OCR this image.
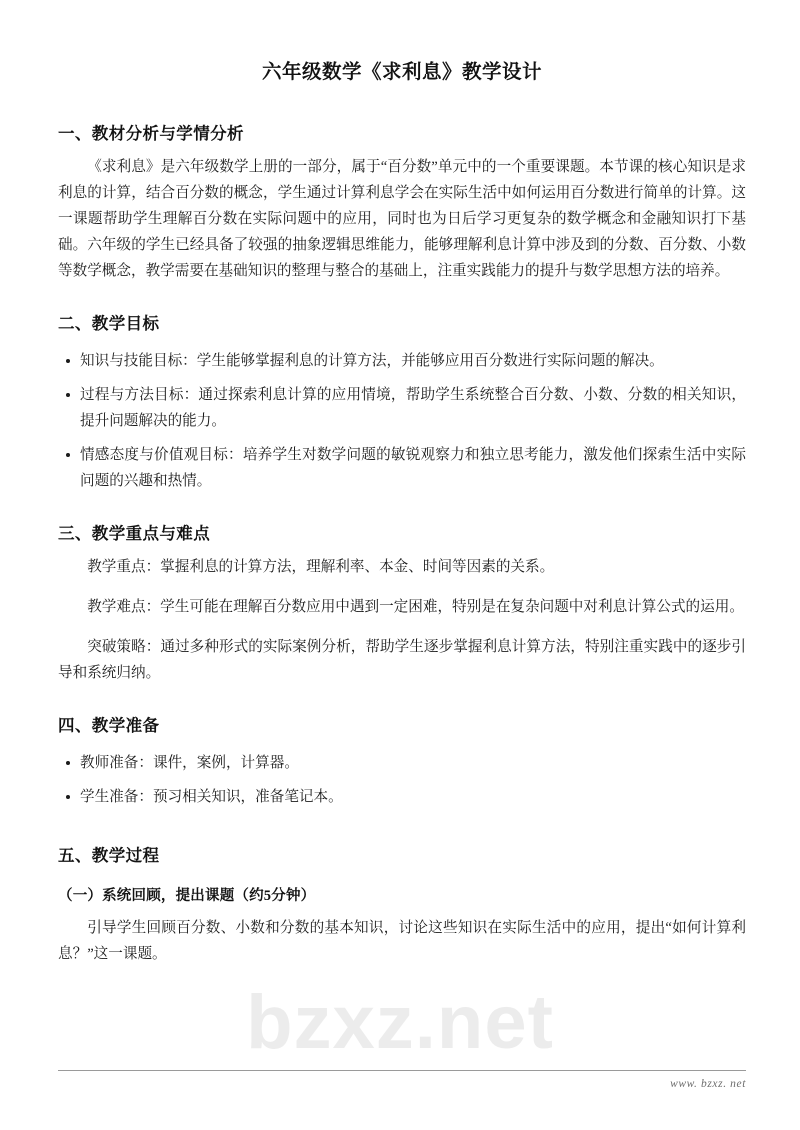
bzxz.net
六年级数学《求利息》教学设计
一、教材分析与学情分析

《求利息》是六年级数学上册的一部分，属于“百分数”单元中的一个重要课题。本节课的核心知识是求利息的计算，结合百分数的概念，学生通过计算利息学会在实际生活中如何运用百分数进行简单的计算。这一课题帮助学生理解百分数在实际问题中的应用，同时也为日后学习更复杂的数学概念和金融知识打下基础。六年级的学生已经具备了较强的抽象逻辑思维能力，能够理解利息计算中涉及到的分数、百分数、小数等数学概念，教学需要在基础知识的整理与整合的基础上，注重实践能力的提升与数学思想方法的培养。

二、教学目标
知识与技能目标：学生能够掌握利息的计算方法，并能够应用百分数进行实际问题的解决。
过程与方法目标：通过探索利息计算的应用情境，帮助学生系统整合百分数、小数、分数的相关知识，提升问题解决的能力。
情感态度与价值观目标：培养学生对数学问题的敏锐观察力和独立思考能力，激发他们探索生活中实际问题的兴趣和热情。
三、教学重点与难点

教学重点：掌握利息的计算方法，理解利率、本金、时间等因素的关系。

教学难点：学生可能在理解百分数应用中遇到一定困难，特别是在复杂问题中对利息计算公式的运用。

突破策略：通过多种形式的实际案例分析，帮助学生逐步掌握利息计算方法，特别注重实践中的逐步引导和系统归纳。

四、教学准备
教师准备：课件，案例，计算器。
学生准备：预习相关知识，准备笔记本。
五、教学过程
（一）系统回顾，提出课题（约5分钟）

引导学生回顾百分数、小数和分数的基本知识，讨论这些知识在实际生活中的应用，提出“如何计算利息？”这一课题。

www. bzxz. net
